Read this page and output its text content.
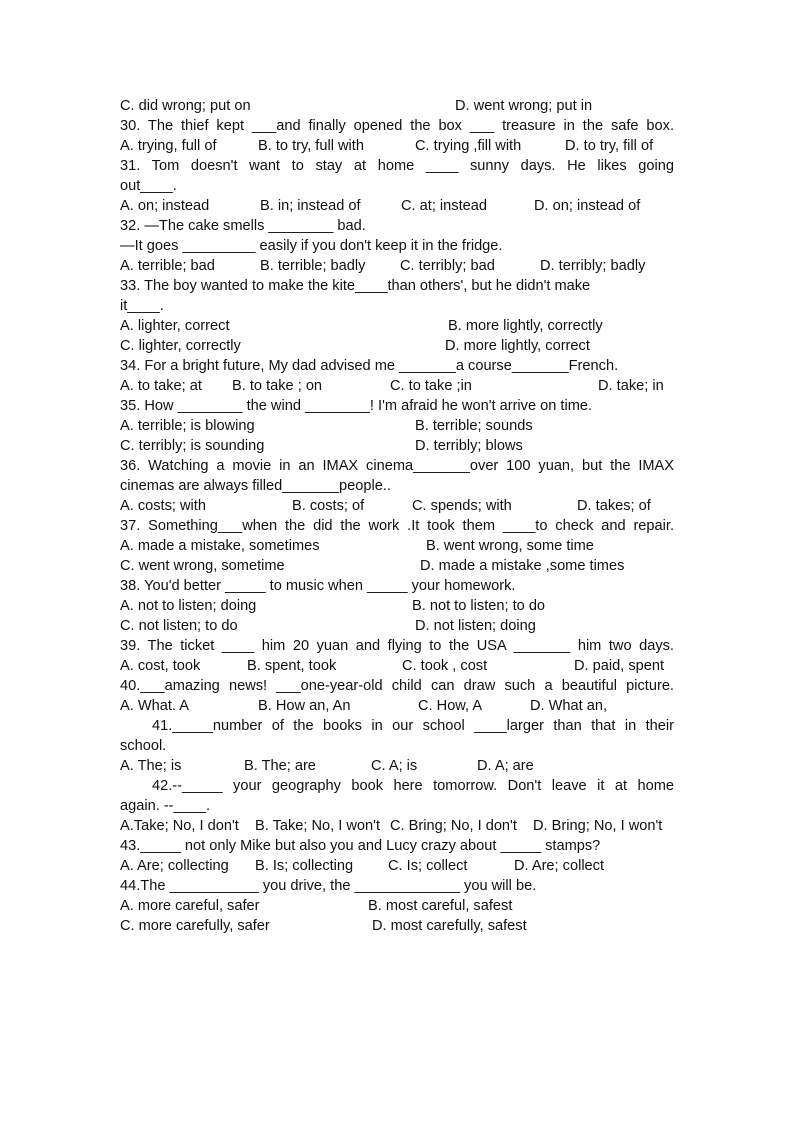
C. did wrong; put on	D. went wrong; put in
30. The thief kept ___and finally opened the box ___ treasure in the safe box.
A. trying, full of	B. to try, full with	C. trying ,fill with	D. to try, fill of
31. Tom doesn't want to stay at home ____ sunny days. He likes going
out____.
A. on; instead	B. in; instead of	C. at; instead	D. on; instead of
32. —The cake smells ________ bad.
—It goes _________ easily if you don't keep it in the fridge.
A. terrible; bad	B. terrible; badly C. terribly; bad	D. terribly; badly
33. The boy wanted to make the kite____than others', but he didn't make
it____.
A. lighter, correct	B. more lightly, correctly
C. lighter, correctly	D. more lightly, correct
34. For a bright future, My dad advised me _______a course_______French.
A. to take; at B. to take ; on	C. to take ;in	D. take; in
35. How ________ the wind ________! I'm afraid he won't arrive on time.
A. terrible; is blowing	B. terrible; sounds
C. terribly; is sounding	D. terribly; blows
36. Watching a movie in an IMAX cinema_______over 100 yuan, but the IMAX
cinemas are always filled_______people..
A. costs; with	B. costs; of	C. spends; with	D. takes; of
37. Something___when the did the work .It took them ____to check and repair.
A. made a mistake, sometimes	B. went wrong, some time
C. went wrong, sometime	D. made a mistake ,some times
38. You'd better _____ to music when _____ your homework.
A. not to listen; doing	B. not to listen; to do
C. not listen; to do	D. not listen; doing
39. The ticket ____ him 20 yuan and flying to the USA _______ him two days.
A. cost, took	B. spent, took	C. took , cost	D. paid, spent
40.___amazing news! ___one-year-old child can draw such a beautiful picture.
A. What. A	B. How an, An	C. How, A	D. What an,
41._____number of the books in our school ____larger than that in their
school.
A. The; is	B. The; are	C. A; is	D. A; are
42.--_____ your geography book here tomorrow. Don't leave it at home
again. --____.
A.Take; No, I don't B. Take; No, I won't C. Bring; No, I don't D. Bring; No, I won't
43._____ not only Mike but also you and Lucy crazy about _____ stamps?
A. Are; collecting B. Is; collecting C. Is; collect	D. Are; collect
44.The ___________ you drive, the _____________ you will be.
A. more careful, safer	B. most careful, safest
C. more carefully, safer	D. most carefully, safest
